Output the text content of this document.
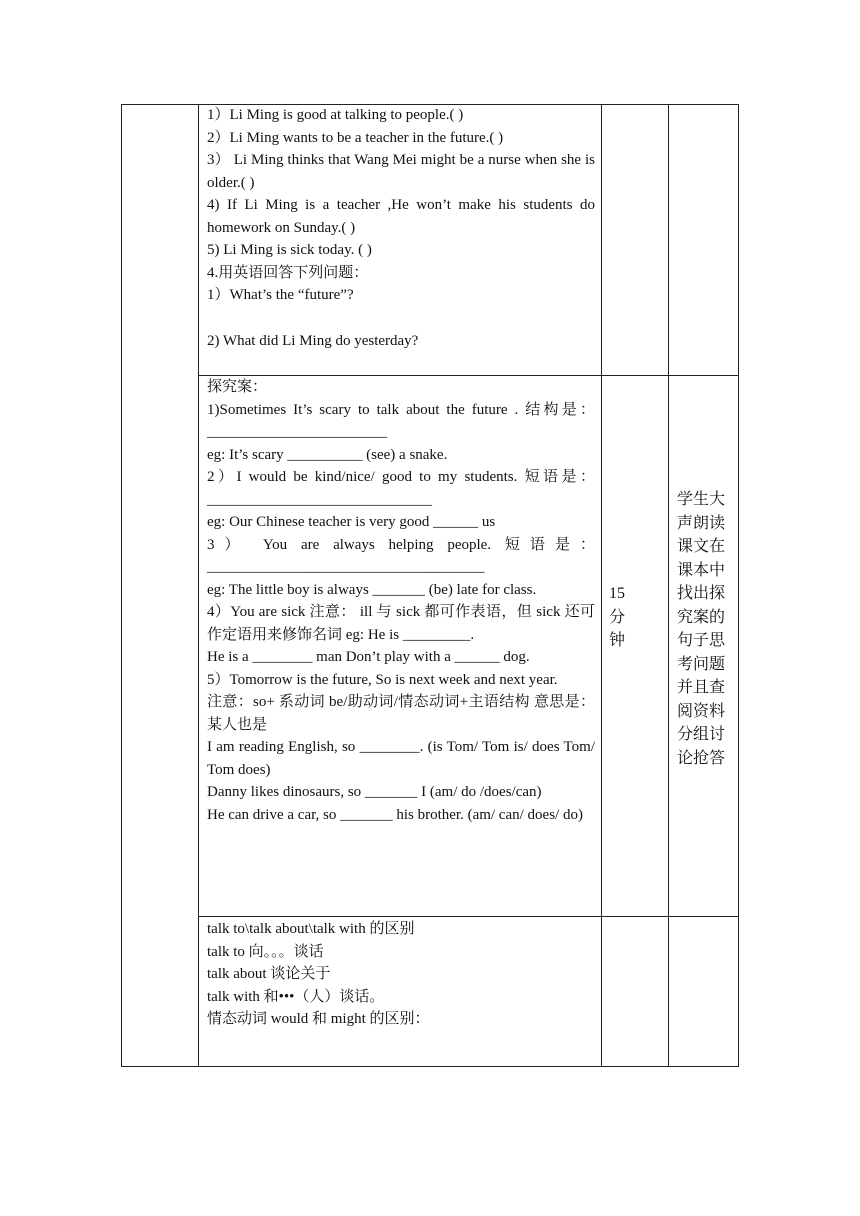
1）Li Ming is good at talking to people.( )

2）Li Ming wants to be a teacher in the future.( )

3） Li Ming thinks that Wang Mei might be a nurse when she is older.( )

4) If Li Ming is a teacher ,He won’t make his students do homework on Sunday.( )

5) Li Ming is sick today. ( )

4.用英语回答下列问题：

1）What’s the “future”?

2) What did Li Ming do yesterday?

探究案：

1)Sometimes It’s scary to talk about the future . 结构是：________________________

eg: It’s scary __________ (see) a snake.

2）I would be kind/nice/ good to my students. 短语是：______________________________

eg: Our Chinese teacher is very good ______ us

3） You are always helping people. 短语是：_____________________________________

eg: The little boy is always _______ (be) late for class.

4）You are sick 注意： ill 与 sick 都可作表语，但 sick 还可作定语用来修饰名词 eg: He is _________.

He is a ________ man Don’t play with a ______ dog.

5）Tomorrow is the future, So is next week and next year.

注意：so+ 系动词 be/助动词/情态动词+主语结构 意思是：某人也是

I am reading English, so ________. (is Tom/ Tom is/ does Tom/ Tom does)

Danny likes dinosaurs, so _______ I (am/ do /does/can)

He can drive a car, so _______ his brother. (am/ can/ does/ do)

15
分
钟
学生大
声朗读
课文在
课本中
找出探
究案的
句子思
考问题
并且查
阅资料
分组讨
论抢答

talk to\talk about\talk with 的区别

talk to 向。。。谈话

talk about 谈论关于

talk with 和•••（人）谈话。

情态动词 would 和 might 的区别：
